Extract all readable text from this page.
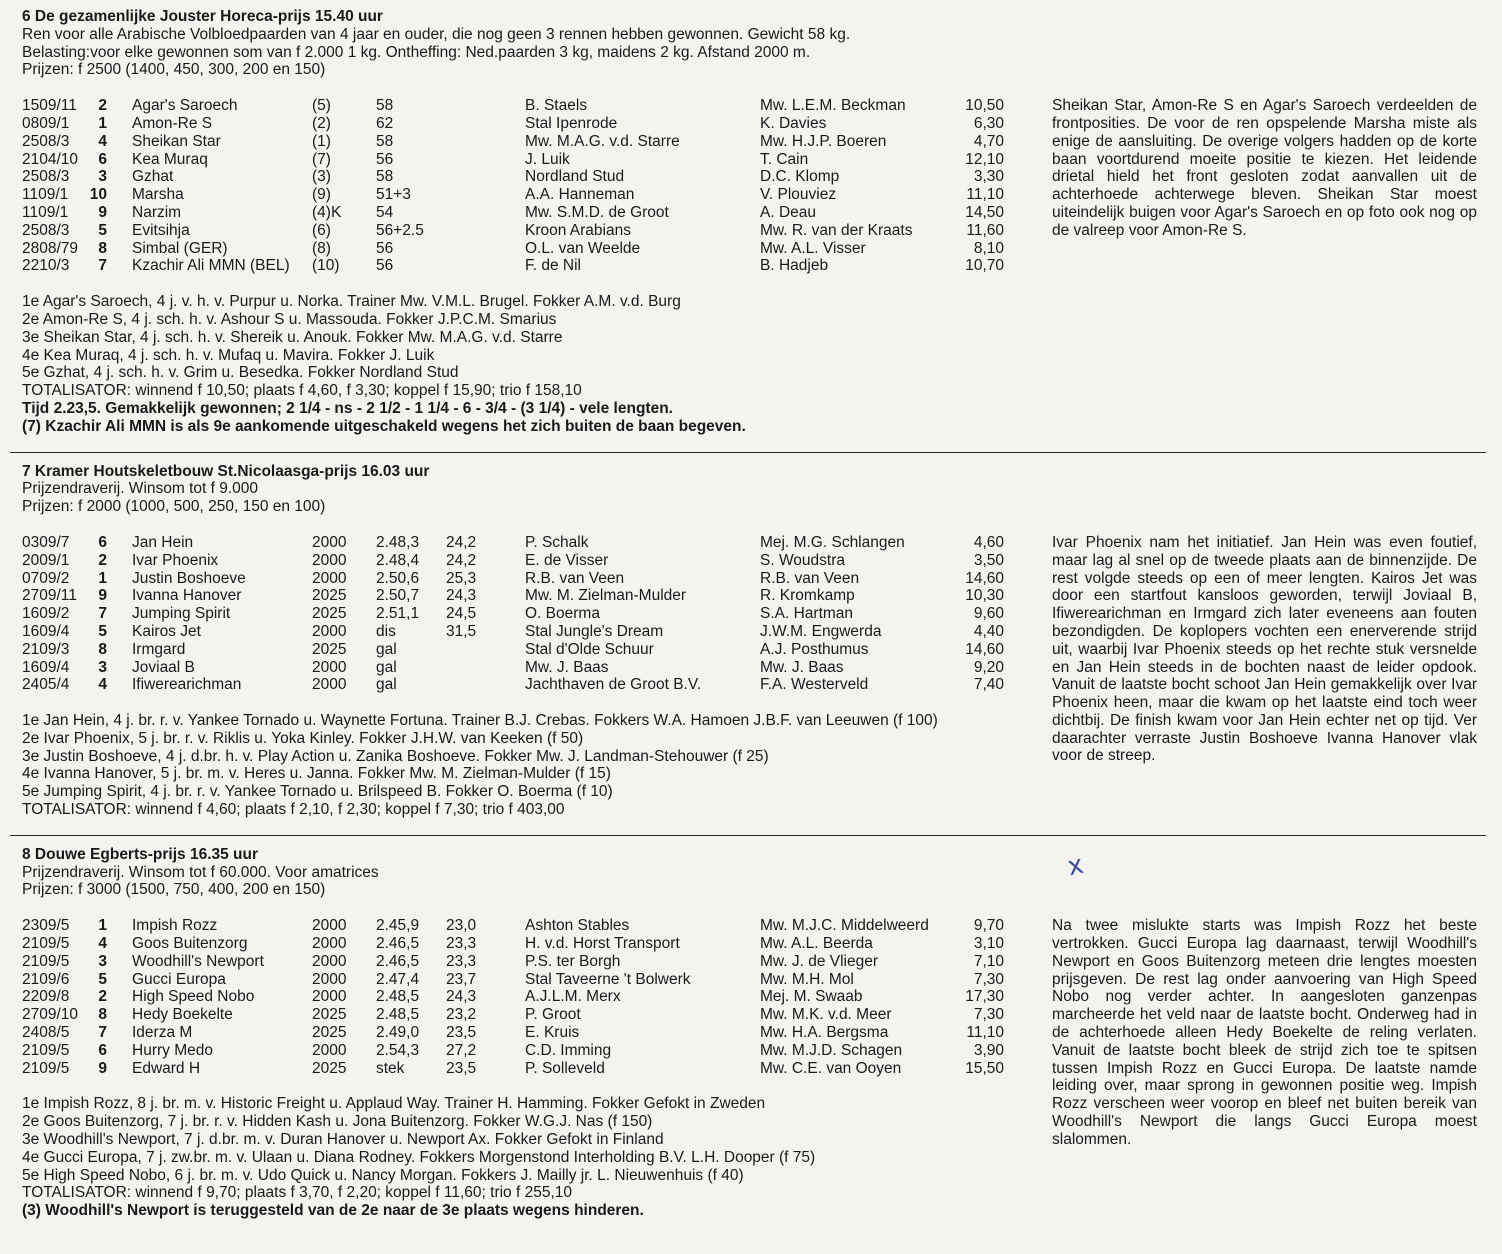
6 De gezamenlijke Jouster Horeca-prijs 15.40 uur
Ren voor alle Arabische Volbloedpaarden van 4 jaar en ouder, die nog geen 3 rennen hebben gewonnen. Gewicht 58 kg.
Belasting:voor elke gewonnen som van f 2.000 1 kg. Ontheffing: Ned.paarden 3 kg, maidens 2 kg. Afstand 2000 m.
Prijzen: f 2500 (1400, 450, 300, 200 en 150)
1509/11	2 Agar's Saroech	(5)	58	B. Staels	Mw. L.E.M. Beckman	10,50
0809/1	1 Amon-Re S	(2)	62	Stal Ipenrode	K. Davies	6,30
2508/3	4 Sheikan Star	(1)	58	Mw. M.A.G. v.d. Starre	Mw. H.J.P. Boeren	4,70
2104/10	6 Kea Muraq	(7)	56	J. Luik	T. Cain	12,10
2508/3	3 Gzhat	(3)	58	Nordland Stud	D.C. Klomp	3,30
1109/1 10 Marsha	(9)	51+3	A.A. Hanneman	V. Plouviez	11,10
1109/1	9 Narzim	(4)K 54	Mw. S.M.D. de Groot	A. Deau	14,50
2508/3	5 Evitsihja	(6)	56+2.5	Kroon Arabians	Mw. R. van der Kraats	11,60
2808/79	8 Simbal (GER)	(8)	56	O.L. van Weelde	Mw. A.L. Visser	8,10
2210/3	7 Kzachir Ali MMN (BEL) (10) 56	F. de Nil	B. Hadjeb	10,70
Sheikan Star, Amon-Re S en Agar's Saroech verdeelden de frontposities. De voor de ren opspelende Marsha miste als enige de aansluiting. De overige volgers hadden op de korte baan voortdurend moeite positie te kiezen. Het leidende drietal hield het front gesloten zodat aanvallen uit de achterhoede achterwege bleven. Sheikan Star moest uiteindelijk buigen voor Agar's Saroech en op foto ook nog op de valreep voor Amon-Re S.
1e Agar's Saroech, 4 j. v. h. v. Purpur u. Norka. Trainer Mw. V.M.L. Brugel. Fokker A.M. v.d. Burg
2e Amon-Re S, 4 j. sch. h. v. Ashour S u. Massouda. Fokker J.P.C.M. Smarius
3e Sheikan Star, 4 j. sch. h. v. Shereik u. Anouk. Fokker Mw. M.A.G. v.d. Starre
4e Kea Muraq, 4 j. sch. h. v. Mufaq u. Mavira. Fokker J. Luik
5e Gzhat, 4 j. sch. h. v. Grim u. Besedka. Fokker Nordland Stud
TOTALISATOR: winnend f 10,50; plaats f 4,60, f 3,30; koppel f 15,90; trio f 158,10
Tijd 2.23,5. Gemakkelijk gewonnen; 2 1/4 - ns - 2 1/2 - 1 1/4 - 6 - 3/4 - (3 1/4) - vele lengten.
(7) Kzachir Ali MMN is als 9e aankomende uitgeschakeld wegens het zich buiten de baan begeven.
7 Kramer Houtskeletbouw St.Nicolaasga-prijs 16.03 uur
Prijzendraverij. Winsom tot f 9.000
Prijzen: f 2000 (1000, 500, 250, 150 en 100)
0309/7	6 Jan Hein	2000 2.48,3 24,2	P. Schalk	Mej. M.G. Schlangen	4,60
2009/1	2 Ivar Phoenix	2000 2.48,4 24,2	E. de Visser	S. Woudstra	3,50
0709/2	1 Justin Boshoeve	2000 2.50,6 25,3	R.B. van Veen	R.B. van Veen	14,60
2709/11	9 Ivanna Hanover	2025 2.50,7 24,3	Mw. M. Zielman-Mulder	R. Kromkamp	10,30
1609/2	7 Jumping Spirit	2025 2.51,1 24,5	O. Boerma	S.A. Hartman	9,60
1609/4	5 Kairos Jet	2000 dis	31,5	Stal Jungle's Dream	J.W.M. Engwerda	4,40
2109/3	8 Irmgard	2025 gal	Stal d'Olde Schuur	A.J. Posthumus	14,60
1609/4	3 Joviaal B	2000 gal	Mw. J. Baas	Mw. J. Baas	9,20
2405/4	4 Ifiwerearichman	2000 gal	Jachthaven de Groot B.V.	F.A. Westerveld	7,40
Ivar Phoenix nam het initiatief. Jan Hein was even foutief, maar lag al snel op de tweede plaats aan de binnenzijde. De rest volgde steeds op een of meer lengten. Kairos Jet was door een startfout kansloos geworden, terwijl Joviaal B, Ifiwerearichman en Irmgard zich later eveneens aan fouten bezondigden. De koplopers vochten een enerverende strijd uit, waarbij Ivar Phoenix steeds op het rechte stuk versnelde en Jan Hein steeds in de bochten naast de leider opdook. Vanuit de laatste bocht schoot Jan Hein gemakkelijk over Ivar Phoenix heen, maar die kwam op het laatste eind toch weer dichtbij. De finish kwam voor Jan Hein echter net op tijd. Ver daarachter verraste Justin Boshoeve Ivanna Hanover vlak voor de streep.
1e Jan Hein, 4 j. br. r. v. Yankee Tornado u. Waynette Fortuna. Trainer B.J. Crebas. Fokkers W.A. Hamoen J.B.F. van Leeuwen (f 100)
2e Ivar Phoenix, 5 j. br. r. v. Riklis u. Yoka Kinley. Fokker J.H.W. van Keeken (f 50)
3e Justin Boshoeve, 4 j. d.br. h. v. Play Action u. Zanika Boshoeve. Fokker Mw. J. Landman-Stehouwer (f 25)
4e Ivanna Hanover, 5 j. br. m. v. Heres u. Janna. Fokker Mw. M. Zielman-Mulder (f 15)
5e Jumping Spirit, 4 j. br. r. v. Yankee Tornado u. Brilspeed B. Fokker O. Boerma (f 10)
TOTALISATOR: winnend f 4,60; plaats f 2,10, f 2,30; koppel f 7,30; trio f 403,00
8 Douwe Egberts-prijs 16.35 uur
Prijzendraverij. Winsom tot f 60.000. Voor amatrices
Prijzen: f 3000 (1500, 750, 400, 200 en 150)
2309/5	1 Impish Rozz	2000 2.45,9 23,0	Ashton Stables	Mw. M.J.C. Middelweerd	9,70
2109/5	4 Goos Buitenzorg	2000 2.46,5 23,3	H. v.d. Horst Transport	Mw. A.L. Beerda	3,10
2109/5	3 Woodhill's Newport	2000 2.46,5 23,3	P.S. ter Borgh	Mw. J. de Vlieger	7,10
2109/6	5 Gucci Europa	2000 2.47,4 23,7	Stal Taveerne 't Bolwerk	Mw. M.H. Mol	7,30
2209/8	2 High Speed Nobo	2000 2.48,5 24,3	A.J.L.M. Merx	Mej. M. Swaab	17,30
2709/10	8 Hedy Boekelte	2025 2.48,5 23,2	P. Groot	Mw. M.K. v.d. Meer	7,30
2408/5	7 Iderza M	2025 2.49,0 23,5	E. Kruis	Mw. H.A. Bergsma	11,10
2109/5	6 Hurry Medo	2000 2.54,3 27,2	C.D. Imming	Mw. M.J.D. Schagen	3,90
2109/5	9 Edward H	2025 stek	23,5	P. Solleveld	Mw. C.E. van Ooyen	15,50
Na twee mislukte starts was Impish Rozz het beste vertrokken. Gucci Europa lag daarnaast, terwijl Woodhill's Newport en Goos Buitenzorg meteen drie lengtes moesten prijsgeven. De rest lag onder aanvoering van High Speed Nobo nog verder achter. In aangesloten ganzenpas marcheerde het veld naar de laatste bocht. Onderweg had in de achterhoede alleen Hedy Boekelte de reling verlaten. Vanuit de laatste bocht bleek de strijd zich toe te spitsen tussen Impish Rozz en Gucci Europa. De laatste namde leiding over, maar sprong in gewonnen positie weg. Impish Rozz verscheen weer voorop en bleef net buiten bereik van Woodhill's Newport die langs Gucci Europa moest slalommen.
1e Impish Rozz, 8 j. br. m. v. Historic Freight u. Applaud Way. Trainer H. Hamming. Fokker Gefokt in Zweden
2e Goos Buitenzorg, 7 j. br. r. v. Hidden Kash u. Jona Buitenzorg. Fokker W.G.J. Nas (f 150)
3e Woodhill's Newport, 7 j. d.br. m. v. Duran Hanover u. Newport Ax. Fokker Gefokt in Finland
4e Gucci Europa, 7 j. zw.br. m. v. Ulaan u. Diana Rodney. Fokkers Morgenstond Interholding B.V. L.H. Dooper (f 75)
5e High Speed Nobo, 6 j. br. m. v. Udo Quick u. Nancy Morgan. Fokkers J. Mailly jr. L. Nieuwenhuis (f 40)
TOTALISATOR: winnend f 9,70; plaats f 3,70, f 2,20; koppel f 11,60; trio f 255,10
(3) Woodhill's Newport is teruggesteld van de 2e naar de 3e plaats wegens hinderen.
x
